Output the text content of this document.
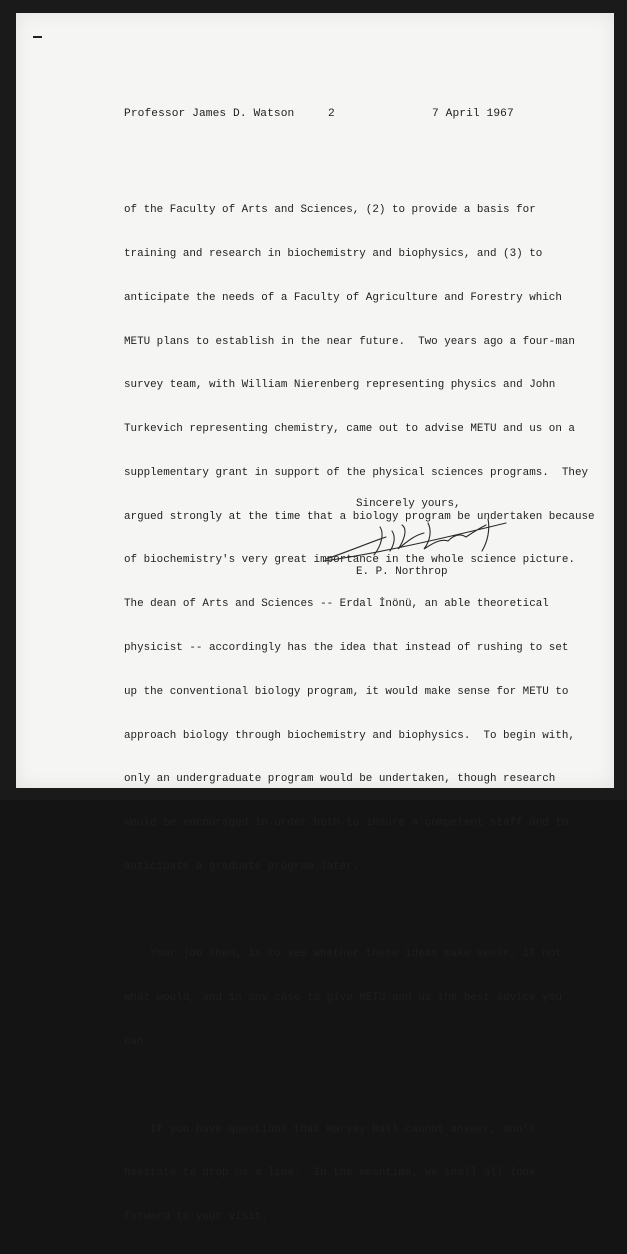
Professor James D. Watson	2	7 April 1967

of the Faculty of Arts and Sciences, (2) to provide a basis for

training and research in biochemistry and biophysics, and (3) to

anticipate the needs of a Faculty of Agriculture and Forestry which

METU plans to establish in the near future.  Two years ago a four-man

survey team, with William Nierenberg representing physics and John

Turkevich representing chemistry, came out to advise METU and us on a

supplementary grant in support of the physical sciences programs.  They

argued strongly at the time that a biology program be undertaken because

of biochemistry's very great importance in the whole science picture.

The dean of Arts and Sciences -- Erdal İnönü, an able theoretical

physicist -- accordingly has the idea that instead of rushing to set

up the conventional biology program, it would make sense for METU to

approach biology through biochemistry and biophysics.  To begin with,

only an undergraduate program would be undertaken, though research

would be encouraged in order both to insure a competent staff and to

anticipate a graduate program later.

Your job then, is to see whether these ideas make sense, if not

what would, and in any case to give METU and us the best advice you

can.

If you have questions that Harvey Hall cannot answer, don't

hesitate to drop us a line.  In the meantime, we shall all look

forward to your visit.

Sincerely yours,
E. P. Northrop
